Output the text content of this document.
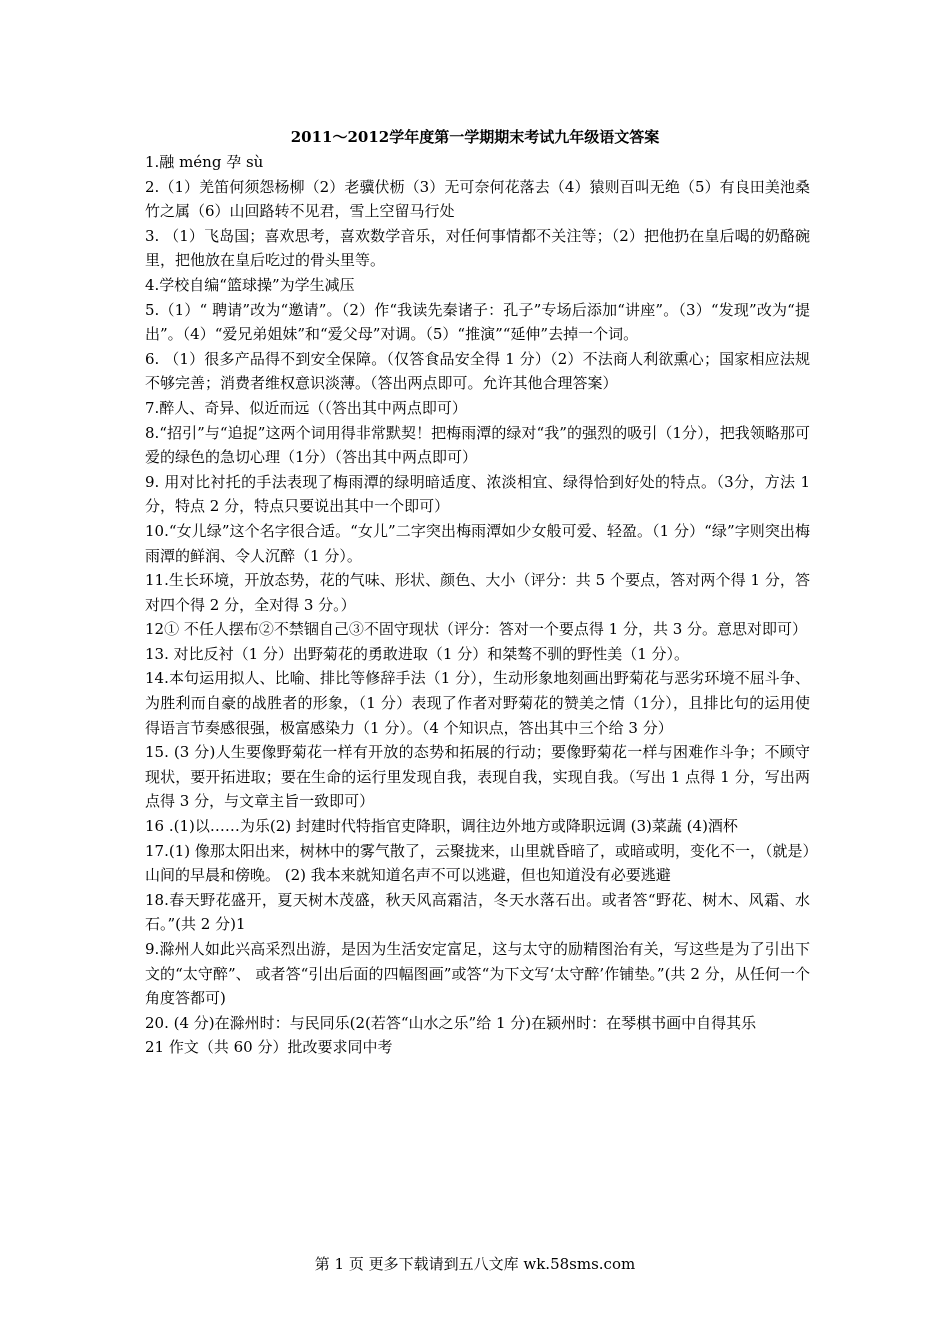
2011～2012学年度第一学期期末考试九年级语文答案

1.融 méng 孕 sù

2.（1）羌笛何须怨杨柳（2）老骥伏枥（3）无可奈何花落去（4）猿则百叫无绝（5）有良田美池桑竹之属（6）山回路转不见君，雪上空留马行处

3. （1）飞岛国；喜欢思考，喜欢数学音乐，对任何事情都不关注等；（2）把他扔在皇后喝的奶酪碗里，把他放在皇后吃过的骨头里等。

4.学校自编“篮球操”为学生减压

5.（1）“ 聘请”改为“邀请”。（2）作“我读先秦诸子：孔子”专场后添加“讲座”。（3）“发现”改为“提出”。（4）“爱兄弟姐妹”和“爱父母”对调。（5）“推演”“延伸”去掉一个词。

6. （1）很多产品得不到安全保障。（仅答食品安全得 1 分）（2）不法商人利欲熏心；国家相应法规不够完善；消费者维权意识淡薄。（答出两点即可。允许其他合理答案）

7.醉人、奇异、似近而远（（答出其中两点即可）

8.“招引”与“追捉”这两个词用得非常默契！把梅雨潭的绿对“我”的强烈的吸引（1分），把我领略那可爱的绿色的急切心理（1分）（答出其中两点即可）

9. 用对比衬托的手法表现了梅雨潭的绿明暗适度、浓淡相宜、绿得恰到好处的特点。（3分，方法 1 分，特点 2 分，特点只要说出其中一个即可）

10.“女儿绿”这个名字很合适。“女儿”二字突出梅雨潭如少女般可爱、轻盈。（1 分）“绿”字则突出梅雨潭的鲜润、令人沉醉（1 分）。

11.生长环境，开放态势，花的气味、形状、颜色、大小（评分：共 5 个要点，答对两个得 1 分，答对四个得 2 分，全对得 3 分。）

12① 不任人摆布②不禁锢自己③不固守现状（评分：答对一个要点得 1 分，共 3 分。意思对即可）

13. 对比反衬（1 分）出野菊花的勇敢进取（1 分）和桀骜不驯的野性美（1 分）。

14.本句运用拟人、比喻、排比等修辞手法（1 分），生动形象地刻画出野菊花与恶劣环境不屈斗争、为胜利而自豪的战胜者的形象，（1 分）表现了作者对野菊花的赞美之情（1分），且排比句的运用使得语言节奏感很强，极富感染力（1 分）。（4 个知识点，答出其中三个给 3 分）

15. (3 分)人生要像野菊花一样有开放的态势和拓展的行动；要像野菊花一样与困难作斗争；不顾守现状，要开拓进取；要在生命的运行里发现自我，表现自我，实现自我。（写出 1 点得 1 分，写出两点得 3 分，与文章主旨一致即可）

16 .(1)以……为乐(2) 封建时代特指官吏降职，调往边外地方或降职远调 (3)菜蔬 (4)酒杯

17.(1) 像那太阳出来，树林中的雾气散了，云聚拢来，山里就昏暗了，或暗或明，变化不一，（就是）山间的早晨和傍晚。 (2) 我本来就知道名声不可以逃避，但也知道没有必要逃避

18.春天野花盛开，夏天树木茂盛，秋天风高霜洁，冬天水落石出。或者答“野花、树木、风霜、水石。”(共 2 分)1

9.滁州人如此兴高采烈出游，是因为生活安定富足，这与太守的励精图治有关，写这些是为了引出下文的“太守醉”、 或者答“引出后面的四幅图画”或答“为下文写‘太守醉’作铺垫。”(共 2 分，从任何一个角度答都可)

20. (4 分)在滁州时：与民同乐(2(若答“山水之乐”给 1 分)在颍州时：在琴棋书画中自得其乐

21 作文（共 60 分）批改要求同中考

第 1 页 更多下载请到五八文库 wk.58sms.com
